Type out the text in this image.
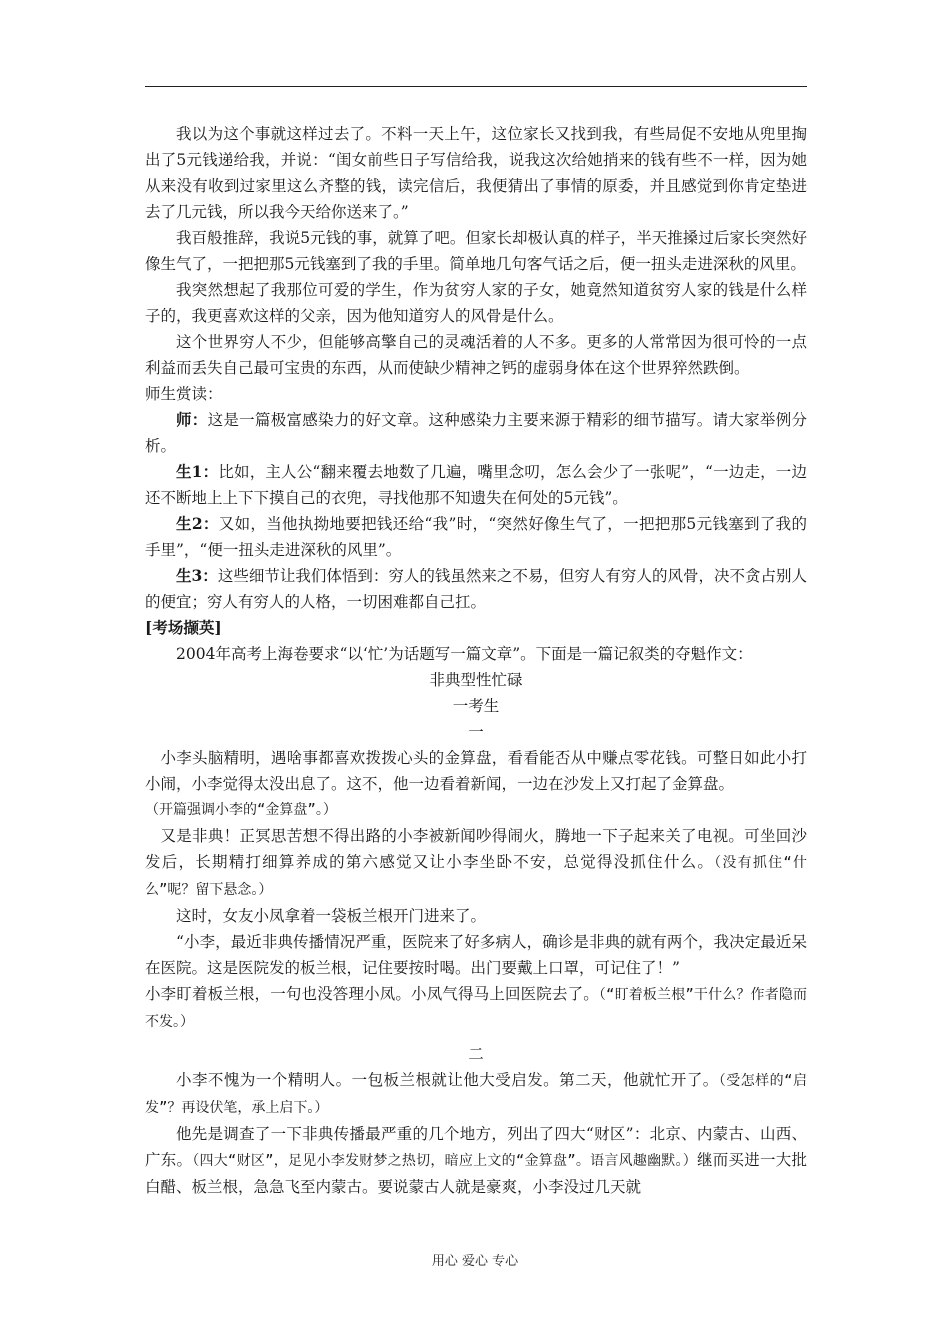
我以为这个事就这样过去了。不料一天上午，这位家长又找到我，有些局促不安地从兜里掏出了5元钱递给我，并说：“闺女前些日子写信给我，说我这次给她捎来的钱有些不一样，因为她从来没有收到过家里这么齐整的钱，读完信后，我便猜出了事情的原委，并且感觉到你肯定垫进去了几元钱，所以我今天给你送来了。”

我百般推辞，我说5元钱的事，就算了吧。但家长却极认真的样子，半天推搡过后家长突然好像生气了，一把把那5元钱塞到了我的手里。简单地几句客气话之后，便一扭头走进深秋的风里。

我突然想起了我那位可爱的学生，作为贫穷人家的子女，她竟然知道贫穷人家的钱是什么样子的，我更喜欢这样的父亲，因为他知道穷人的风骨是什么。

这个世界穷人不少，但能够高擎自己的灵魂活着的人不多。更多的人常常因为很可怜的一点利益而丢失自己最可宝贵的东西，从而使缺少精神之钙的虚弱身体在这个世界猝然跌倒。

师生赏读：

师：这是一篇极富感染力的好文章。这种感染力主要来源于精彩的细节描写。请大家举例分析。

生1：比如，主人公“翻来覆去地数了几遍，嘴里念叨，怎么会少了一张呢”，“一边走，一边还不断地上上下下摸自己的衣兜，寻找他那不知遗失在何处的5元钱”。

生2：又如，当他执拗地要把钱还给“我”时，“突然好像生气了，一把把那5元钱塞到了我的手里”，“便一扭头走进深秋的风里”。

生3：这些细节让我们体悟到：穷人的钱虽然来之不易，但穷人有穷人的风骨，决不贪占别人的便宜；穷人有穷人的人格，一切困难都自己扛。

[考场撷英]

2004年高考上海卷要求“以‘忙’为话题写一篇文章”。下面是一篇记叙类的夺魁作文：

非典型性忙碌

一考生

一

小李头脑精明，遇啥事都喜欢拨拨心头的金算盘，看看能否从中赚点零花钱。可整日如此小打小闹，小李觉得太没出息了。这不，他一边看着新闻，一边在沙发上又打起了金算盘。

（开篇强调小李的“金算盘”。）

又是非典！正冥思苦想不得出路的小李被新闻吵得闹火，腾地一下子起来关了电视。可坐回沙发后，长期精打细算养成的第六感觉又让小李坐卧不安，总觉得没抓住什么。（没有抓住“什么”呢？留下悬念。）

这时，女友小凤拿着一袋板兰根开门进来了。

“小李，最近非典传播情况严重，医院来了好多病人，确诊是非典的就有两个，我决定最近呆在医院。这是医院发的板兰根，记住要按时喝。出门要戴上口罩，可记住了！”

小李盯着板兰根，一句也没答理小凤。小凤气得马上回医院去了。（“盯着板兰根”干什么？作者隐而不发。）

二

小李不愧为一个精明人。一包板兰根就让他大受启发。第二天，他就忙开了。（受怎样的“启发”？再设伏笔，承上启下。）

他先是调查了一下非典传播最严重的几个地方，列出了四大“财区”：北京、内蒙古、山西、广东。（四大“财区”，足见小李发财梦之热切，暗应上文的“金算盘”。语言风趣幽默。）继而买进一大批白醋、板兰根，急急飞至内蒙古。要说蒙古人就是豪爽，小李没过几天就

用心 爱心 专心
